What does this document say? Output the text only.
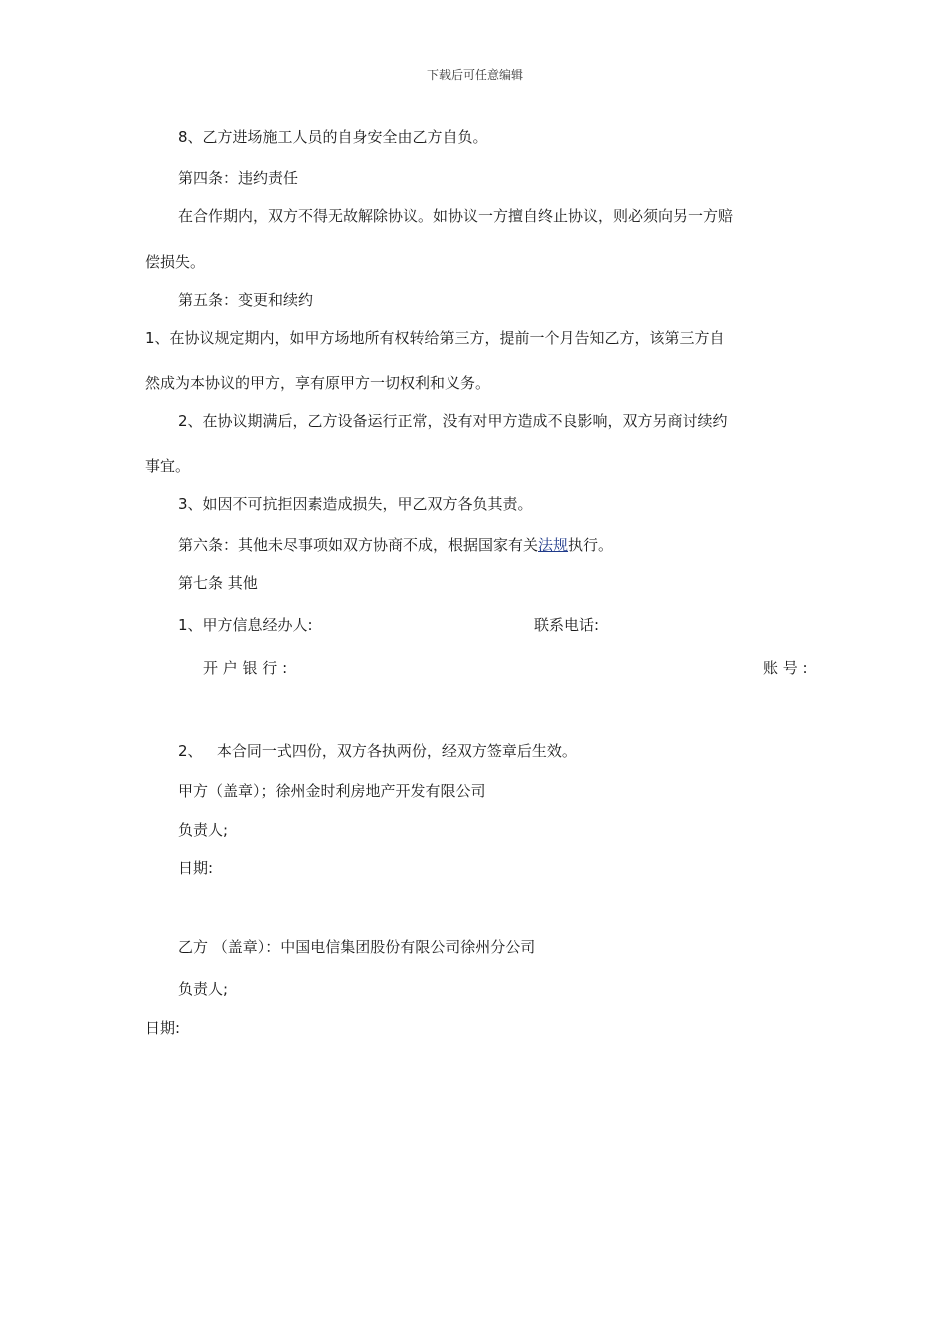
下载后可任意编辑
8、乙方进场施工人员的自身安全由乙方自负。
第四条：违约责任
在合作期内，双方不得无故解除协议。如协议一方擅自终止协议，则必须向另一方赔
偿损失。
第五条：变更和续约
1、在协议规定期内，如甲方场地所有权转给第三方，提前一个月告知乙方，该第三方自
然成为本协议的甲方，享有原甲方一切权利和义务。
2、在协议期满后，乙方设备运行正常，没有对甲方造成不良影响，双方另商讨续约
事宜。
3、如因不可抗拒因素造成损失，甲乙双方各负其责。
第六条：其他未尽事项如双方协商不成，根据国家有关法规执行。
第七条 其他
1、甲方信息经办人:	联系电话:
开 户 银 行 :	账 号 :
2、   本合同一式四份，双方各执两份，经双方签章后生效。
甲方（盖章）；徐州金时利房地产开发有限公司
负责人;
日期:
乙方 （盖章）：中国电信集团股份有限公司徐州分公司
负责人;
日期:
